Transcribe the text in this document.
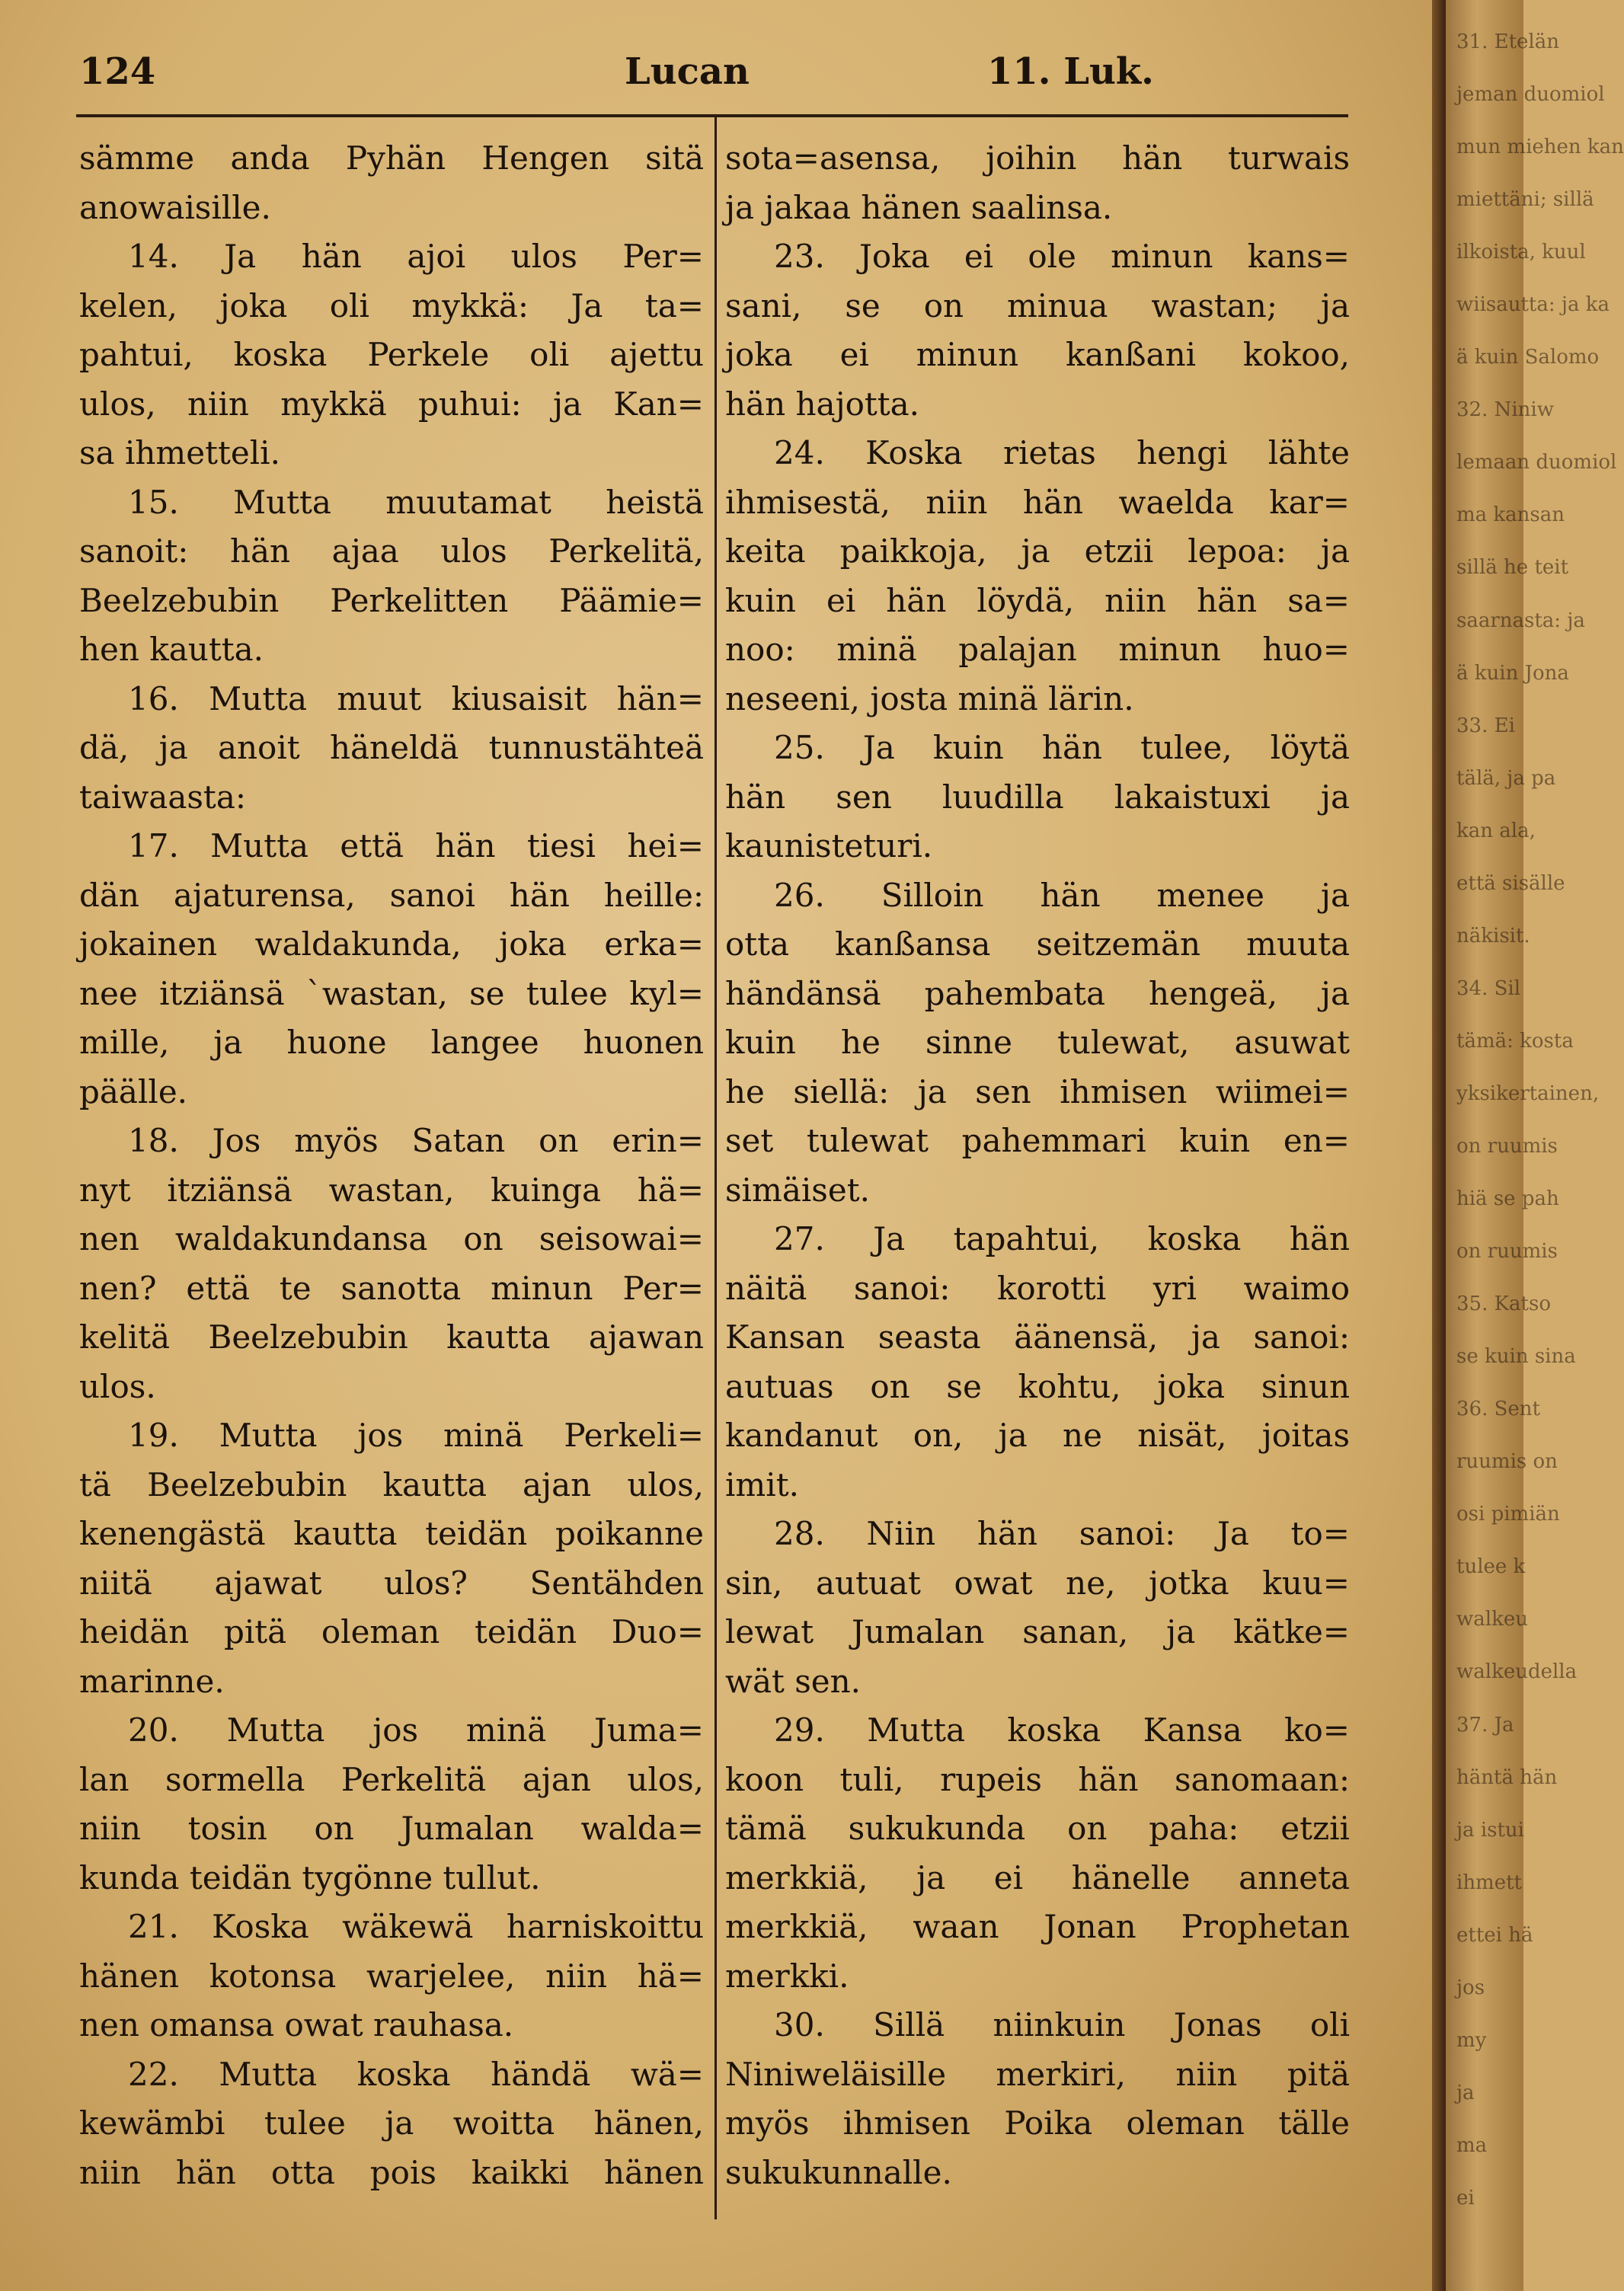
124	Lucan	11. Luk.
sämme anda Pyhän Hengen sitä
anowaisille.
14. Ja hän ajoi ulos Per=
kelen, joka oli mykkä: Ja ta=
pahtui, koska Perkele oli ajettu
ulos, niin mykkä puhui: ja Kan=
sa ihmetteli.
15. Mutta muutamat heistä
sanoit: hän ajaa ulos Perkelitä,
Beelzebubin Perkelitten Päämie=
hen kautta.
16. Mutta muut kiusaisit hän=
dä, ja anoit häneldä tunnustähteä
taiwaasta:
17. Mutta että hän tiesi hei=
dän ajaturensa, sanoi hän heille:
jokainen waldakunda, joka erka=
nee itziänsä `wastan, se tulee kyl=
mille, ja huone langee huonen
päälle.
18. Jos myös Satan on erin=
nyt itziänsä wastan, kuinga hä=
nen waldakundansa on seisowai=
nen? että te sanotta minun Per=
kelitä Beelzebubin kautta ajawan
ulos.
19. Mutta jos minä Perkeli=
tä Beelzebubin kautta ajan ulos,
kenengästä kautta teidän poikanne
niitä ajawat ulos? Sentähden
heidän pitä oleman teidän Duo=
marinne.
20. Mutta jos minä Juma=
lan sormella Perkelitä ajan ulos,
niin tosin on Jumalan walda=
kunda teidän tygönne tullut.
21. Koska wäkewä harniskoittu
hänen kotonsa warjelee, niin hä=
nen omansa owat rauhasa.
22. Mutta koska händä wä=
kewämbi tulee ja woitta hänen,
niin hän otta pois kaikki hänen
sota=asensa, joihin hän turwais
ja jakaa hänen saalinsa.
23. Joka ei ole minun kans=
sani, se on minua wastan; ja
joka ei minun kanßani kokoo,
hän hajotta.
24. Koska rietas hengi lähte
ihmisestä, niin hän waelda kar=
keita paikkoja, ja etzii lepoa: ja
kuin ei hän löydä, niin hän sa=
noo: minä palajan minun huo=
neseeni, josta minä lärin.
25. Ja kuin hän tulee, löytä
hän sen luudilla lakaistuxi ja
kaunisteturi.
26. Silloin hän menee ja
otta kanßansa seitzemän muuta
händänsä pahembata hengeä, ja
kuin he sinne tulewat, asuwat
he siellä: ja sen ihmisen wiimei=
set tulewat pahemmari kuin en=
simäiset.
27. Ja tapahtui, koska hän
näitä sanoi: korotti yri waimo
Kansan seasta äänensä, ja sanoi:
autuas on se kohtu, joka sinun
kandanut on, ja ne nisät, joitas
imit.
28. Niin hän sanoi: Ja to=
sin, autuat owat ne, jotka kuu=
lewat Jumalan sanan, ja kätke=
wät sen.
29. Mutta koska Kansa ko=
koon tuli, rupeis hän sanomaan:
tämä sukukunda on paha: etzii
merkkiä, ja ei hänelle anneta
merkkiä, waan Jonan Prophetan
merkki.
30. Sillä niinkuin Jonas oli
Niniweläisille merkiri, niin pitä
myös ihmisen Poika oleman tälle
sukukunnalle.
31. Etelän
jeman duomiol
mun miehen kan
miettäni; sillä
ilkoista, kuul
wiisautta: ja ka
ä kuin Salomo
32. Niniw
lemaan duomiol
ma kansan
sillä he teit
saarnasta: ja
ä kuin Jona
33. Ei
tälä, ja pa
kan ala,
että sisälle
näkisit.
34. Sil
tämä: kosta
yksikertainen,
on ruumis
hiä se pah
on ruumis
35. Katso
se kuin sina
36. Sent
ruumis on
osi pimiän
tulee k
walkeu
walkeudella
37. Ja
häntä hän
ja istui
ihmett
ettei hä
jos
my
ja
ma
ei
